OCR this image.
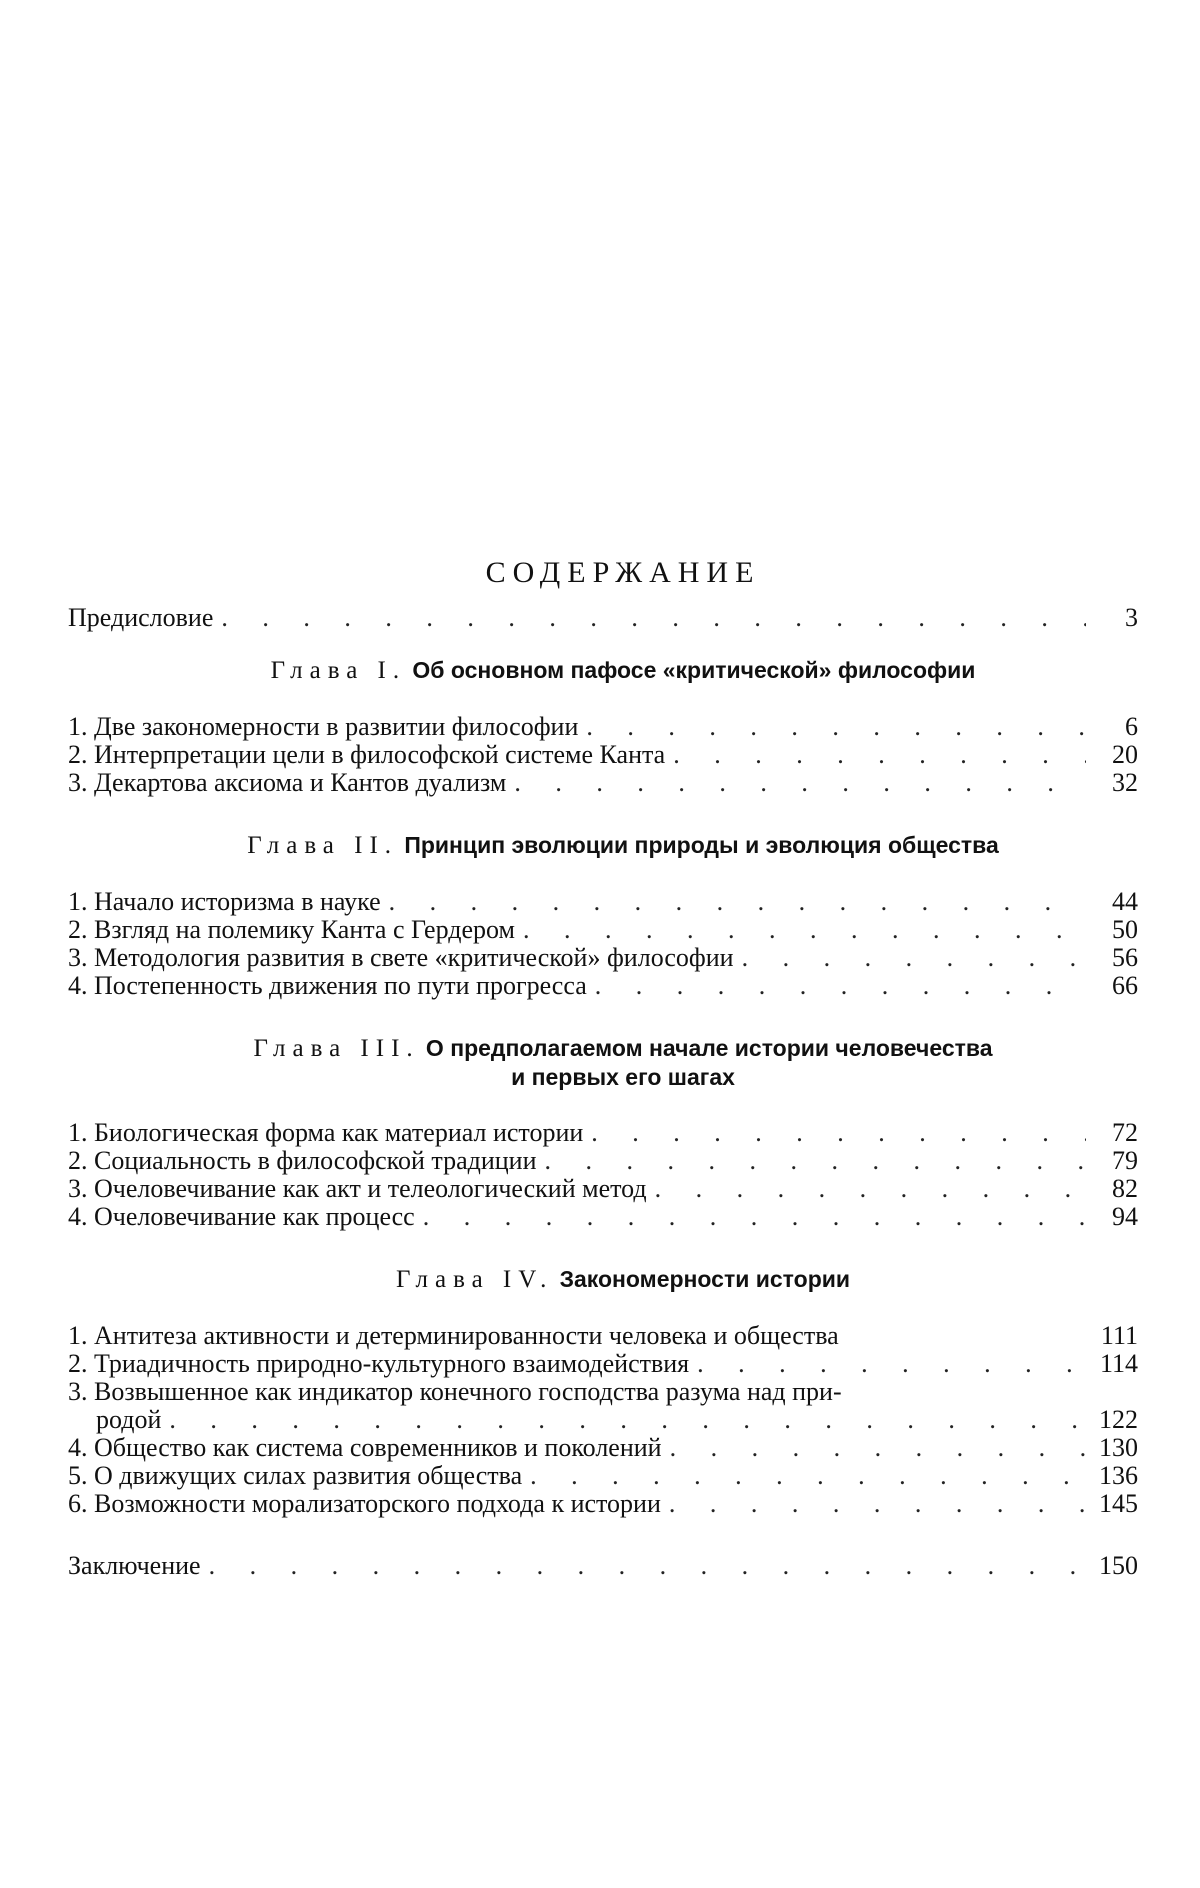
СОДЕРЖАНИЕ
Предисловие . . .	3
Глава I. Об основном пафосе «критической» философии
1. Две закономерности в развитии философии . . .	6
2. Интерпретации цели в философской системе Канта . . .	20
3. Декартова аксиома и Кантов дуализм . . .	32
Глава II. Принцип эволюции природы и эволюция общества
1. Начало историзма в науке . . .	44
2. Взгляд на полемику Канта с Гердером . . .	50
3. Методология развития в свете «критической» философии . . .	56
4. Постепенность движения по пути прогресса . . .	66
Глава III. О предполагаемом начале истории человечества
и первых его шагах
1. Биологическая форма как материал истории . . .	72
2. Социальность в философской традиции . . .	79
3. Очеловечивание как акт и телеологический метод . . .	82
4. Очеловечивание как процесс . . .	94
Глава IV. Закономерности истории
1. Антитеза активности и детерминированности человека и общества	111
2. Триадичность природно-культурного взаимодействия . . .	114
3. Возвышенное как индикатор конечного господства разума над при-
родой . . .	122
4. Общество как система современников и поколений . . .	130
5. О движущих силах развития общества . . .	136
6. Возможности морализаторского подхода к истории . . .	145
Заключение . . .	150
